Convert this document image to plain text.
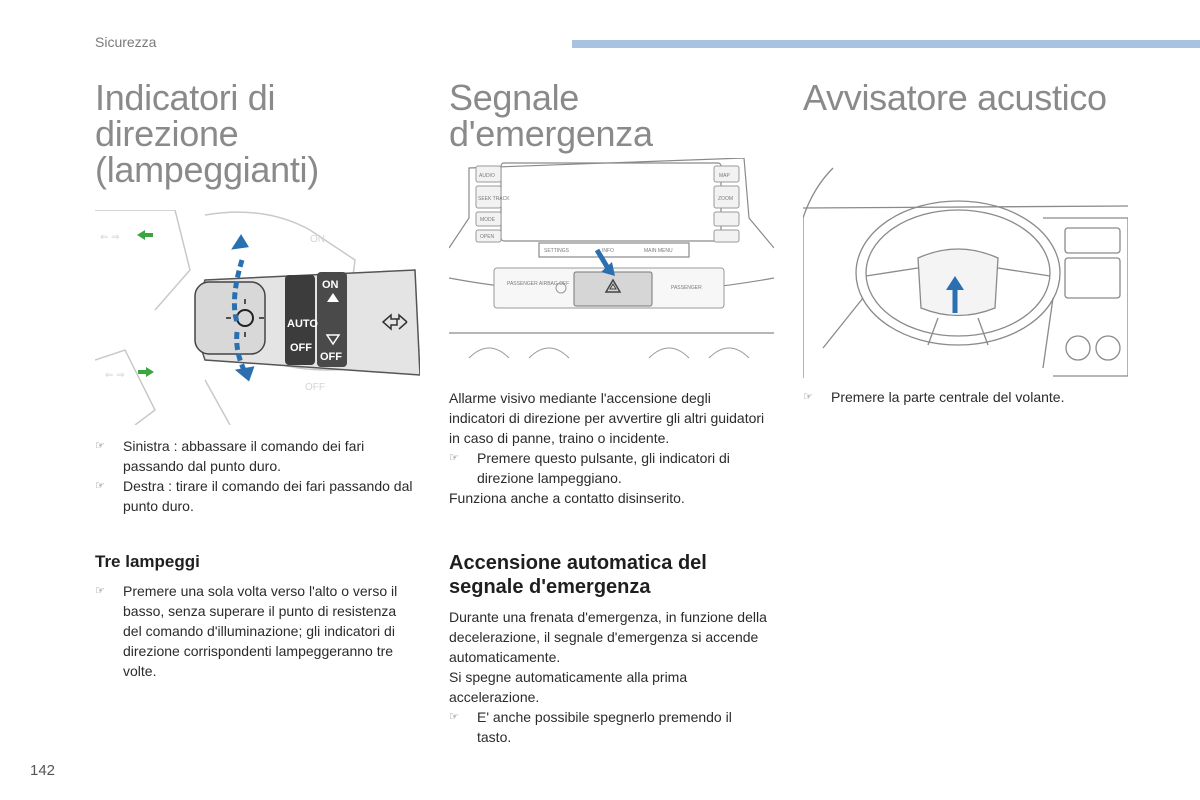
Sicurezza
Indicatori di direzione (lampeggianti)
⇐ ⇒
⇐ ⇒
ON
OFF
AUTO
OFF
ON
OFF
☞ Sinistra : abbassare il comando dei fari passando dal punto duro.
☞ Destra : tirare il comando dei fari passando dal punto duro.
Tre lampeggi
☞ Premere una sola volta verso l'alto o verso il basso, senza superare il punto di resistenza del comando d'illuminazione; gli indicatori di direzione corrispondenti lampeggeranno tre volte.
Segnale d'emergenza
AUDIO
SEEK TRACK
MODE
OPEN
MAP
ZOOM
SETTINGS	INFO	MAIN MENU
PASSENGER AIRBAG OFF
PASSENGER
Allarme visivo mediante l'accensione degli indicatori di direzione per avvertire gli altri guidatori in caso di panne, traino o incidente.
☞ Premere questo pulsante, gli indicatori di direzione lampeggiano.
Funziona anche a contatto disinserito.
Accensione automatica del segnale d'emergenza
Durante una frenata d'emergenza, in funzione della decelerazione, il segnale d'emergenza si accende automaticamente.
Si spegne automaticamente alla prima accelerazione.
☞ E' anche possibile spegnerlo premendo il tasto.
Avvisatore acustico
☞ Premere la parte centrale del volante.
142
